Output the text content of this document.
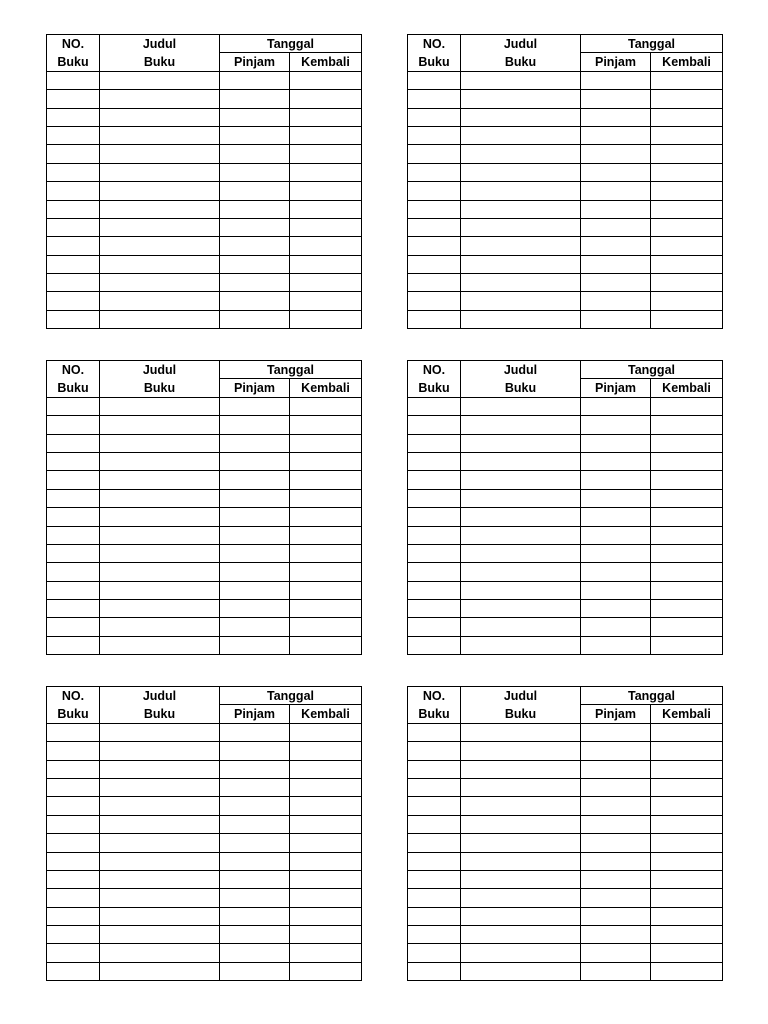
NO.	Judul	Tanggal	
Buku	Buku	Pinjam	Kembali

NO.	Judul	Tanggal	
Buku	Buku	Pinjam	Kembali

NO.	Judul	Tanggal	
Buku	Buku	Pinjam	Kembali

NO.	Judul	Tanggal	
Buku	Buku	Pinjam	Kembali

NO.	Judul	Tanggal	
Buku	Buku	Pinjam	Kembali

NO.	Judul	Tanggal	
Buku	Buku	Pinjam	Kembali
